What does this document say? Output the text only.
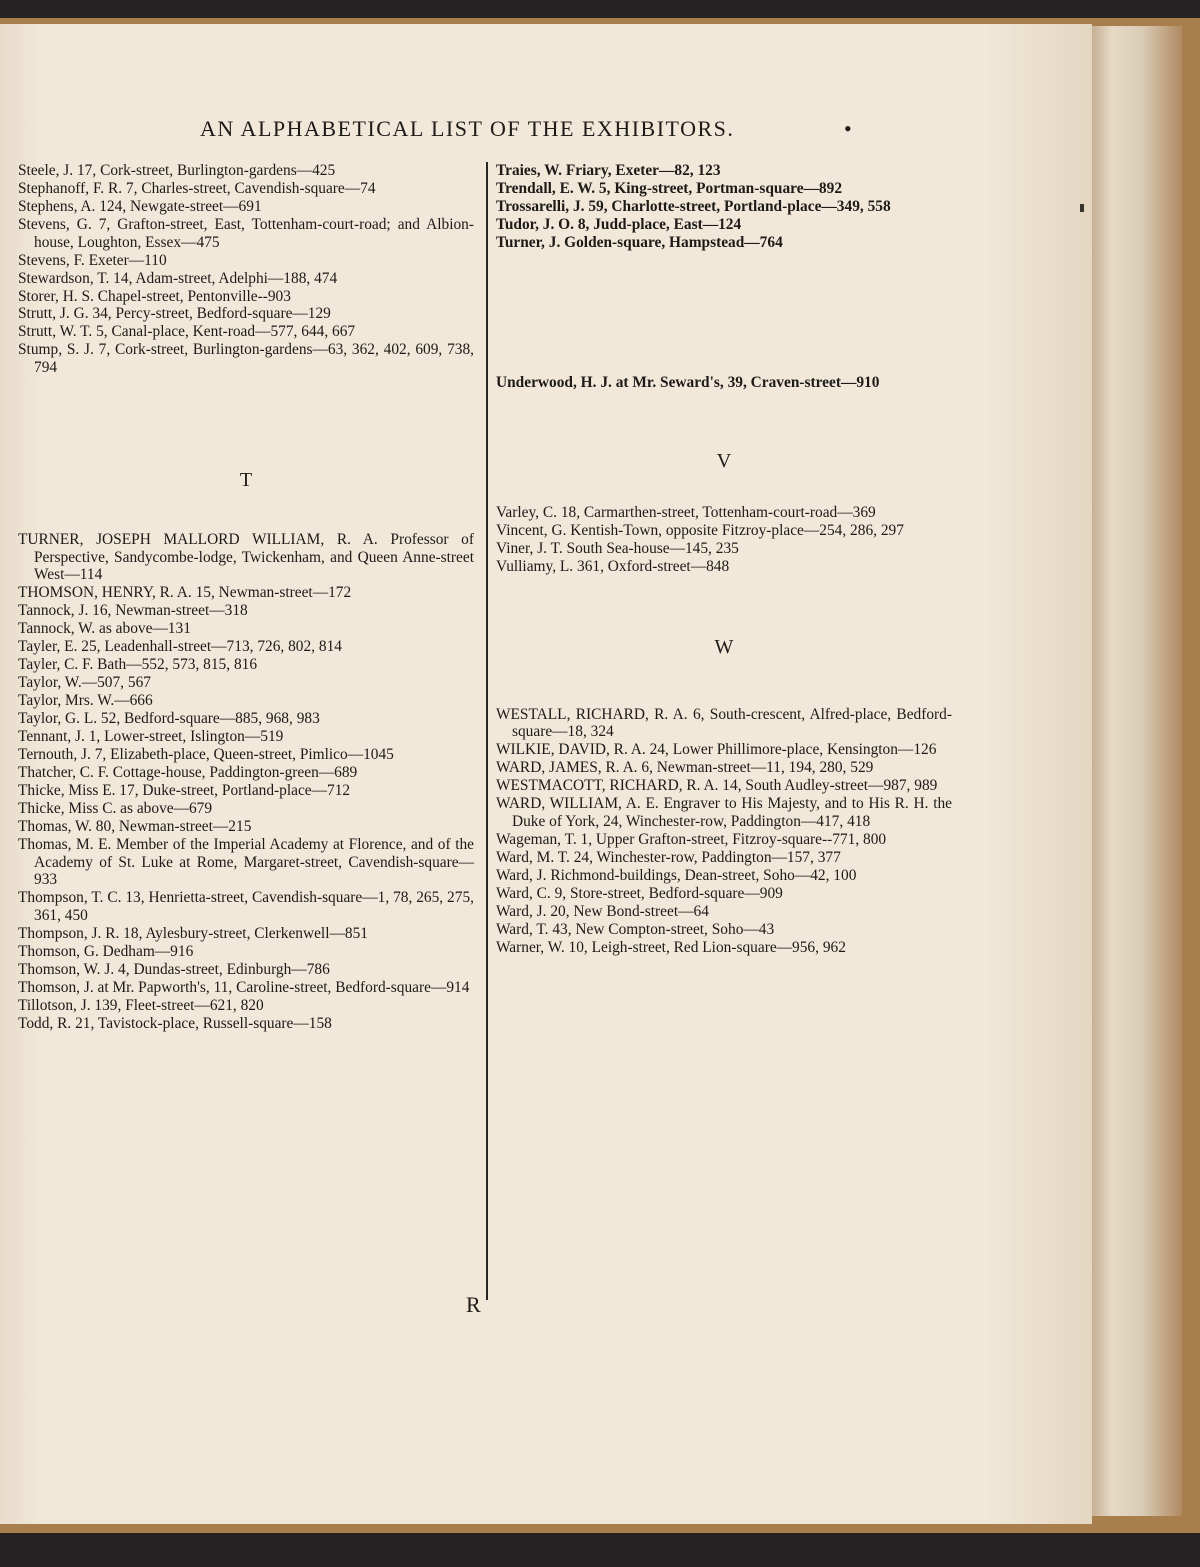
AN ALPHABETICAL LIST OF THE EXHIBITORS.	•

Steele, J. 17, Cork-street, Burlington-gardens—425

Stephanoff, F. R. 7, Charles-street, Cavendish-square—74

Stephens, A. 124, Newgate-street—691

Stevens, G. 7, Grafton-street, East, Tottenham-court-road; and Albion-house, Loughton, Essex—475

Stevens, F. Exeter—110

Stewardson, T. 14, Adam-street, Adelphi—188, 474

Storer, H. S. Chapel-street, Pentonville--903

Strutt, J. G. 34, Percy-street, Bedford-square—129

Strutt, W. T. 5, Canal-place, Kent-road—577, 644, 667

Stump, S. J. 7, Cork-street, Burlington-gardens—63, 362, 402, 609, 738, 794

T

TURNER, JOSEPH MALLORD WILLIAM, R. A. Professor of Perspective, Sandycombe-lodge, Twickenham, and Queen Anne-street West—114

THOMSON, HENRY, R. A. 15, Newman-street—172

Tannock, J. 16, Newman-street—318

Tannock, W. as above—131

Tayler, E. 25, Leadenhall-street—713, 726, 802, 814

Tayler, C. F. Bath—552, 573, 815, 816

Taylor, W.—507, 567

Taylor, Mrs. W.—666

Taylor, G. L. 52, Bedford-square—885, 968, 983

Tennant, J. 1, Lower-street, Islington—519

Ternouth, J. 7, Elizabeth-place, Queen-street, Pimlico—1045

Thatcher, C. F. Cottage-house, Paddington-green—689

Thicke, Miss E. 17, Duke-street, Portland-place—712

Thicke, Miss C. as above—679

Thomas, W. 80, Newman-street—215

Thomas, M. E. Member of the Imperial Academy at Florence, and of the Academy of St. Luke at Rome, Margaret-street, Cavendish-square—933

Thompson, T. C. 13, Henrietta-street, Cavendish-square—1, 78, 265, 275, 361, 450

Thompson, J. R. 18, Aylesbury-street, Clerkenwell—851

Thomson, G. Dedham—916

Thomson, W. J. 4, Dundas-street, Edinburgh—786

Thomson, J. at Mr. Papworth's, 11, Caroline-street, Bedford-square—914

Tillotson, J. 139, Fleet-street—621, 820

Todd, R. 21, Tavistock-place, Russell-square—158

Traies, W. Friary, Exeter—82, 123

Trendall, E. W. 5, King-street, Portman-square—892

Trossarelli, J. 59, Charlotte-street, Portland-place—349, 558

Tudor, J. O. 8, Judd-place, East—124

Turner, J. Golden-square, Hampstead—764

Underwood, H. J. at Mr. Seward's, 39, Craven-street—910

V

Varley, C. 18, Carmarthen-street, Tottenham-court-road—369

Vincent, G. Kentish-Town, opposite Fitzroy-place—254, 286, 297

Viner, J. T. South Sea-house—145, 235

Vulliamy, L. 361, Oxford-street—848

W

WESTALL, RICHARD, R. A. 6, South-crescent, Alfred-place, Bedford-square—18, 324

WILKIE, DAVID, R. A. 24, Lower Phillimore-place, Kensington—126

WARD, JAMES, R. A. 6, Newman-street—11, 194, 280, 529

WESTMACOTT, RICHARD, R. A. 14, South Audley-street—987, 989

WARD, WILLIAM, A. E. Engraver to His Majesty, and to His R. H. the Duke of York, 24, Winchester-row, Paddington—417, 418

Wageman, T. 1, Upper Grafton-street, Fitzroy-square--771, 800

Ward, M. T. 24, Winchester-row, Paddington—157, 377

Ward, J. Richmond-buildings, Dean-street, Soho—42, 100

Ward, C. 9, Store-street, Bedford-square—909

Ward, J. 20, New Bond-street—64

Ward, T. 43, New Compton-street, Soho—43

Warner, W. 10, Leigh-street, Red Lion-square—956, 962

R
